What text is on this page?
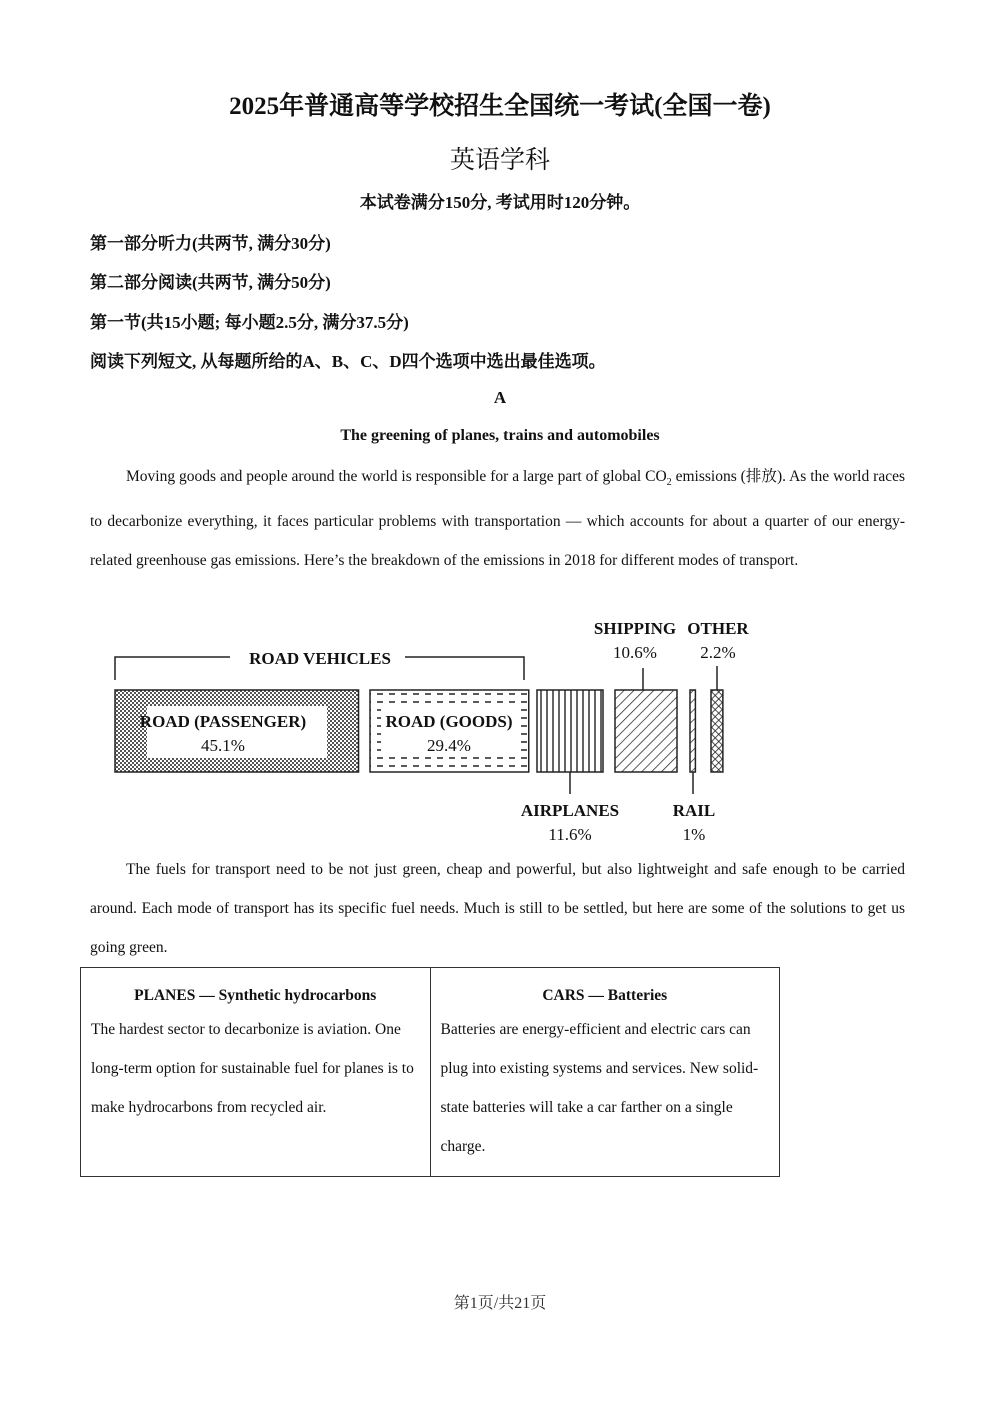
2025年普通高等学校招生全国统一考试(全国一卷)
英语学科
本试卷满分150分, 考试用时120分钟。
第一部分听力(共两节, 满分30分)
第二部分阅读(共两节, 满分50分)
第一节(共15小题; 每小题2.5分, 满分37.5分)
阅读下列短文, 从每题所给的A、B、C、D四个选项中选出最佳选项。
A
The greening of planes, trains and automobiles
Moving goods and people around the world is responsible for a large part of global $CO_2$ emissions (排放). As the world races to decarbonize everything, it faces particular problems with transportation — which accounts for about a quarter of our energy-related greenhouse gas emissions. Here’s the breakdown of the emissions in 2018 for different modes of transport.
ROAD (PASSENGER)
45.1%
ROAD (GOODS)
29.4%
ROAD VEHICLES
AIRPLANES
11.6%
SHIPPING
10.6%
RAIL
1%
OTHER
2.2%
The fuels for transport need to be not just green, cheap and powerful, but also lightweight and safe enough to be carried around. Each mode of transport has its specific fuel needs. Much is still to be settled, but here are some of the solutions to get us going green.
PLANES — Synthetic hydrocarbons
The hardest sector to decarbonize is aviation. One long-term option for sustainable fuel for planes is to make hydrocarbons from recycled air.
CARS — Batteries
Batteries are energy-efficient and electric cars can plug into existing systems and services. New solid-state batteries will take a car farther on a single charge.
第1页/共21页
